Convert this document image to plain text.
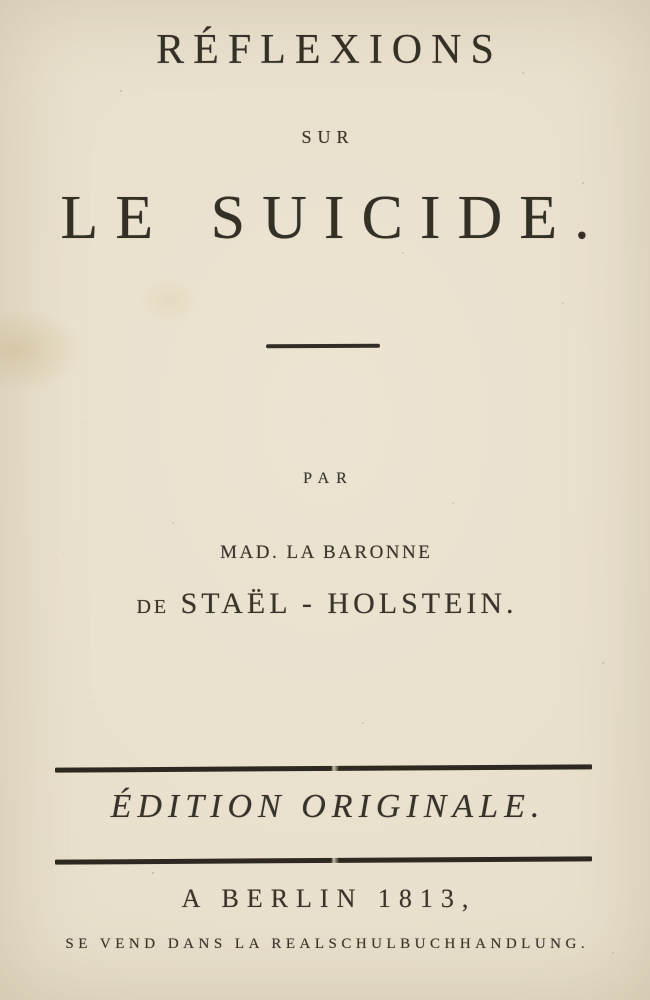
RÉFLEXIONS
SUR
LE SUICIDE.
PAR
MAD. LA BARONNE
DE STAËL - HOLSTEIN.
ÉDITION ORIGINALE.
A BERLIN 1813,
SE VEND DANS LA REALSCHULBUCHHANDLUNG.
